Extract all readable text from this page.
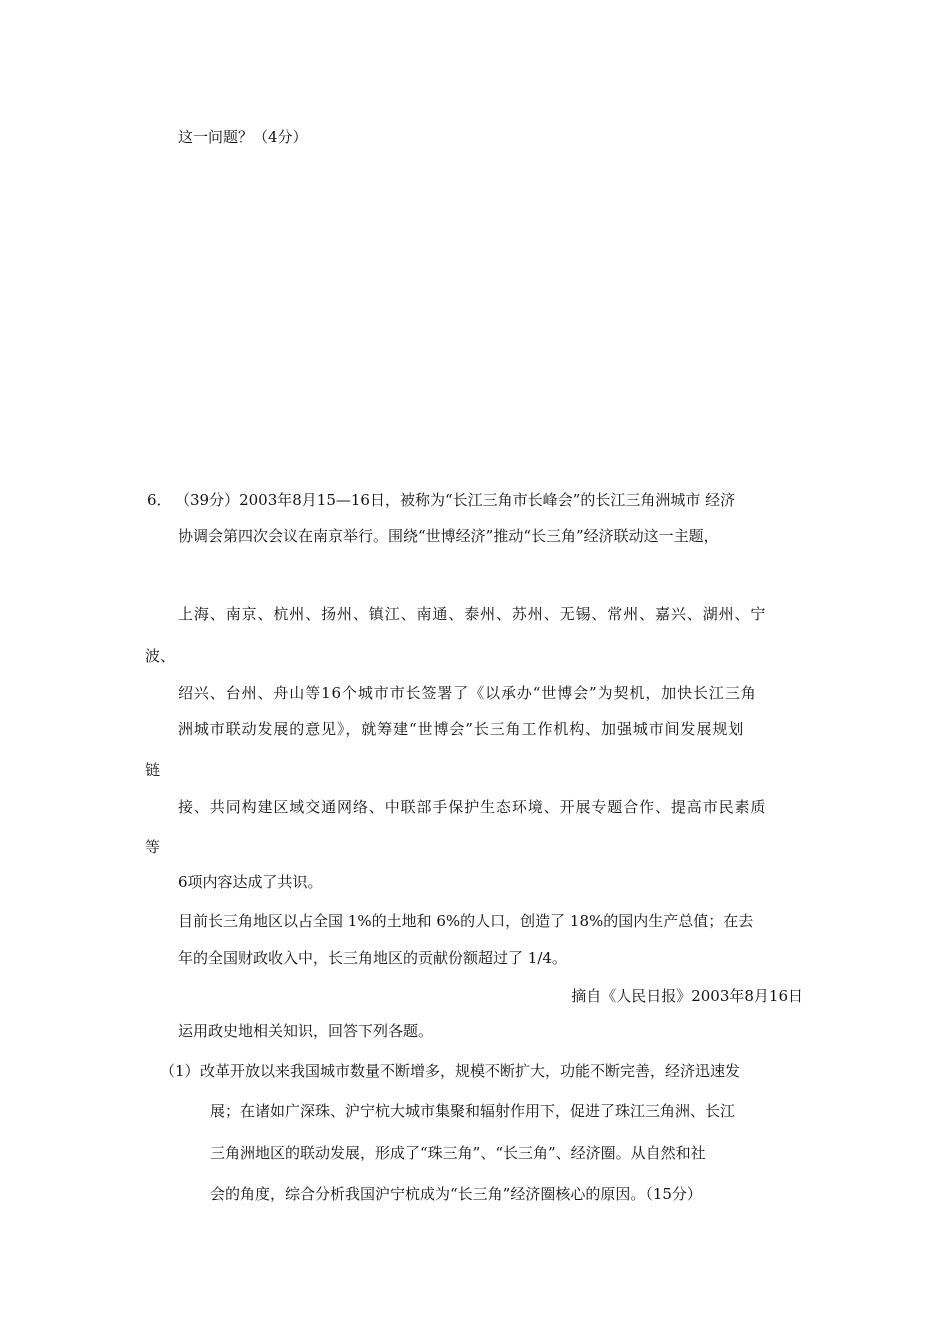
这一问题？（4分）
6． （39分）2003年8月15—16日，被称为“长江三角市长峰会”的长江三角洲城市 经济
协调会第四次会议在南京举行。围绕“世博经济”推动“长三角”经济联动这一主题，
上海、南京、杭州、扬州、镇江、南通、泰州、苏州、无锡、常州、嘉兴、湖州、宁
波、
绍兴、台州、舟山等16个城市市长签署了《以承办“世博会”为契机，加快长江三角
洲城市联动发展的意见》，就筹建“世博会”长三角工作机构、加强城市间发展规划
链
接、共同构建区域交通网络、中联部手保护生态环境、开展专题合作、提高市民素质
等
6项内容达成了共识。
目前长三角地区以占全国 1%的土地和 6%的人口，创造了 18%的国内生产总值；在去
年的全国财政收入中，长三角地区的贡献份额超过了 1/4。
摘自《人民日报》2003年8月16日
运用政史地相关知识，回答下列各题。
（1） 改革开放以来我国城市数量不断增多，规模不断扩大，功能不断完善，经济迅速发
展；在诸如广深珠、沪宁杭大城市集聚和辐射作用下，促进了珠江三角洲、长江
三角洲地区的联动发展，形成了“珠三角”、“长三角”、经济圈。从自然和社
会的角度，综合分析我国沪宁杭成为“长三角”经济圈核心的原因。（15分）
